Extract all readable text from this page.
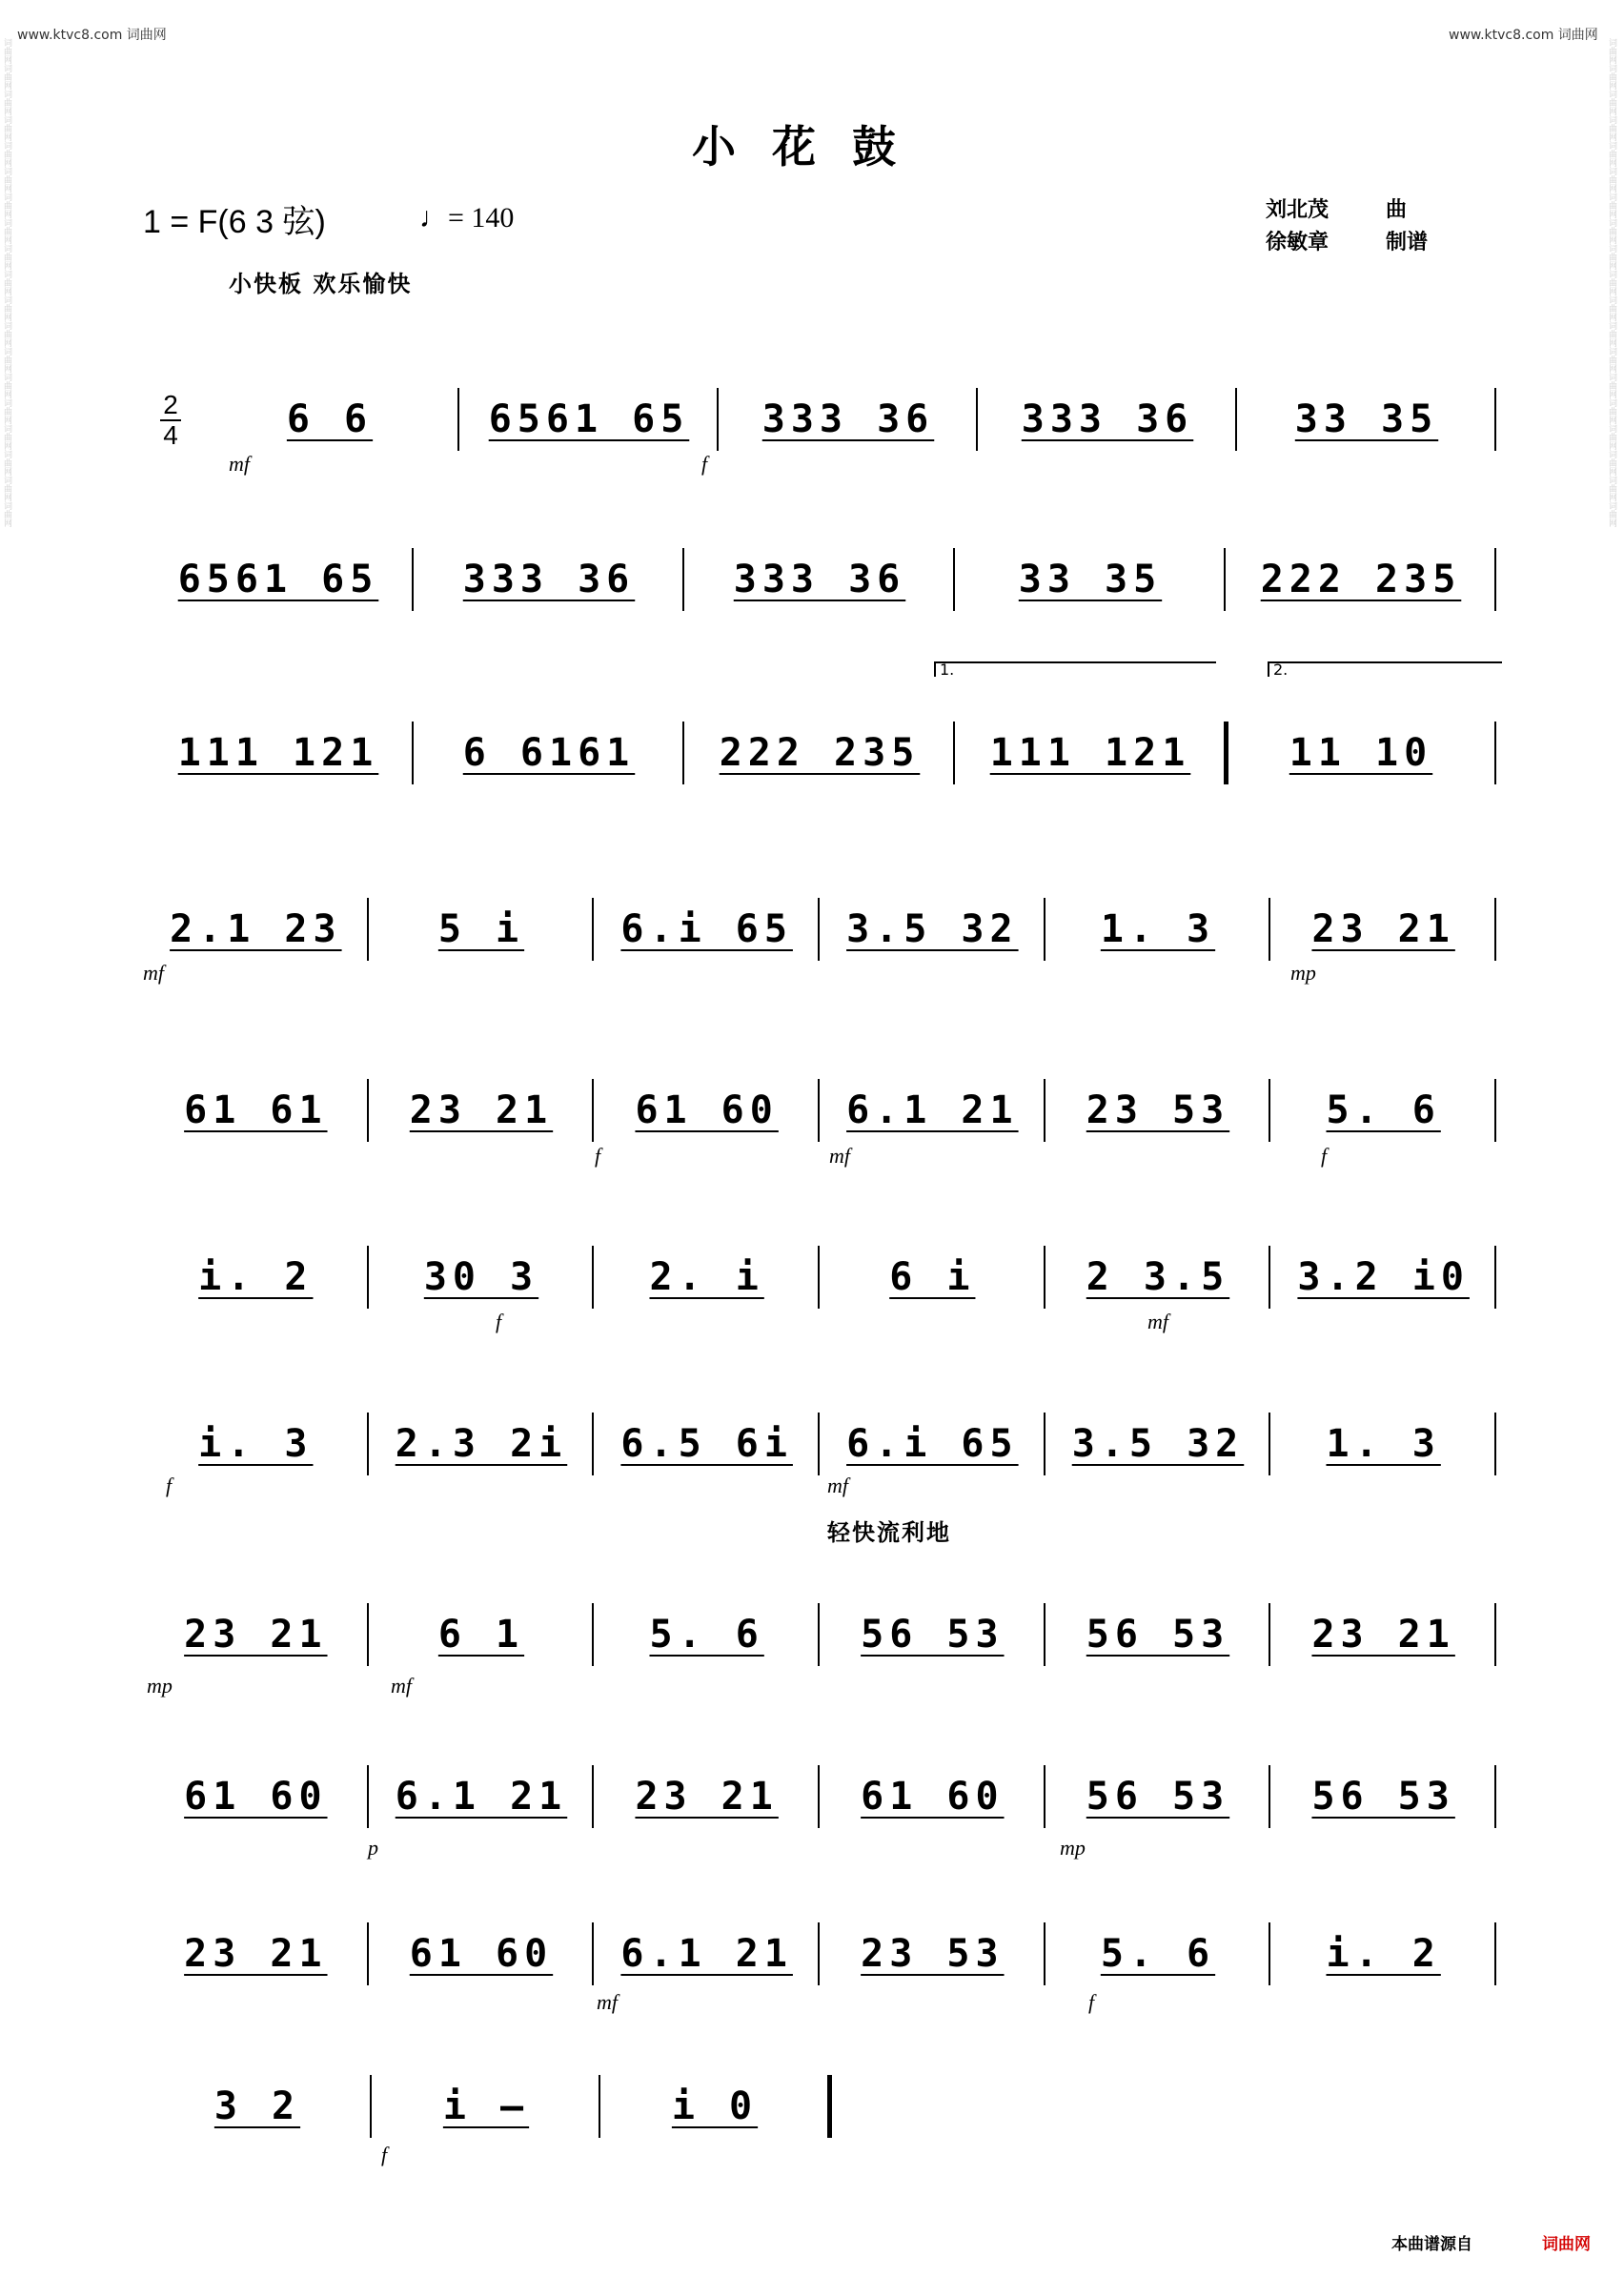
www.ktvc8.com 词曲网	www.ktvc8.com 词曲网
词曲网词曲网词曲网词曲网词曲网词曲网词曲网词曲网词曲网词曲网词曲网词曲网词曲网词曲网词曲网词曲网词曲网词曲网词曲网	词曲网词曲网词曲网词曲网词曲网词曲网词曲网词曲网词曲网词曲网词曲网词曲网词曲网词曲网词曲网词曲网词曲网词曲网词曲网
小花鼓
1 = F(6 3 弦)	♩= 140	刘北茂	曲
徐敏章	制谱
小快板 欢乐愉快
轻快流利地
2
4	6 6	6561 65 333 36 333 36	33 35
6561 65 333 36	333 36	33 35	222 235
111 121 6 6161 222 235 111 121	11 10
2.1 23	5 i	6.i 65 3.5 32 1. 3	23 21
61 61 23 21 61 60 6.1 21 23 53	5. 6
i. 2	30 3	2. i	6 i	2 3.5 3.2 i0
i. 3 2.3 2i 6.5 6i 6.i 65 3.5 32 1. 3
23 21	6 1	5. 6	56 53 56 53 23 21
61 60 6.1 21 23 21 61 60 56 53 56 53
23 21 61 60 6.1 21 23 53	5. 6	i. 2
3 2	i –	i 0
1.	2.
mf	f
mf	mp
f	mf	f
f	mf
f	mf
mp	mf
p	mp
mf	f
f
本曲谱源自	词曲网
